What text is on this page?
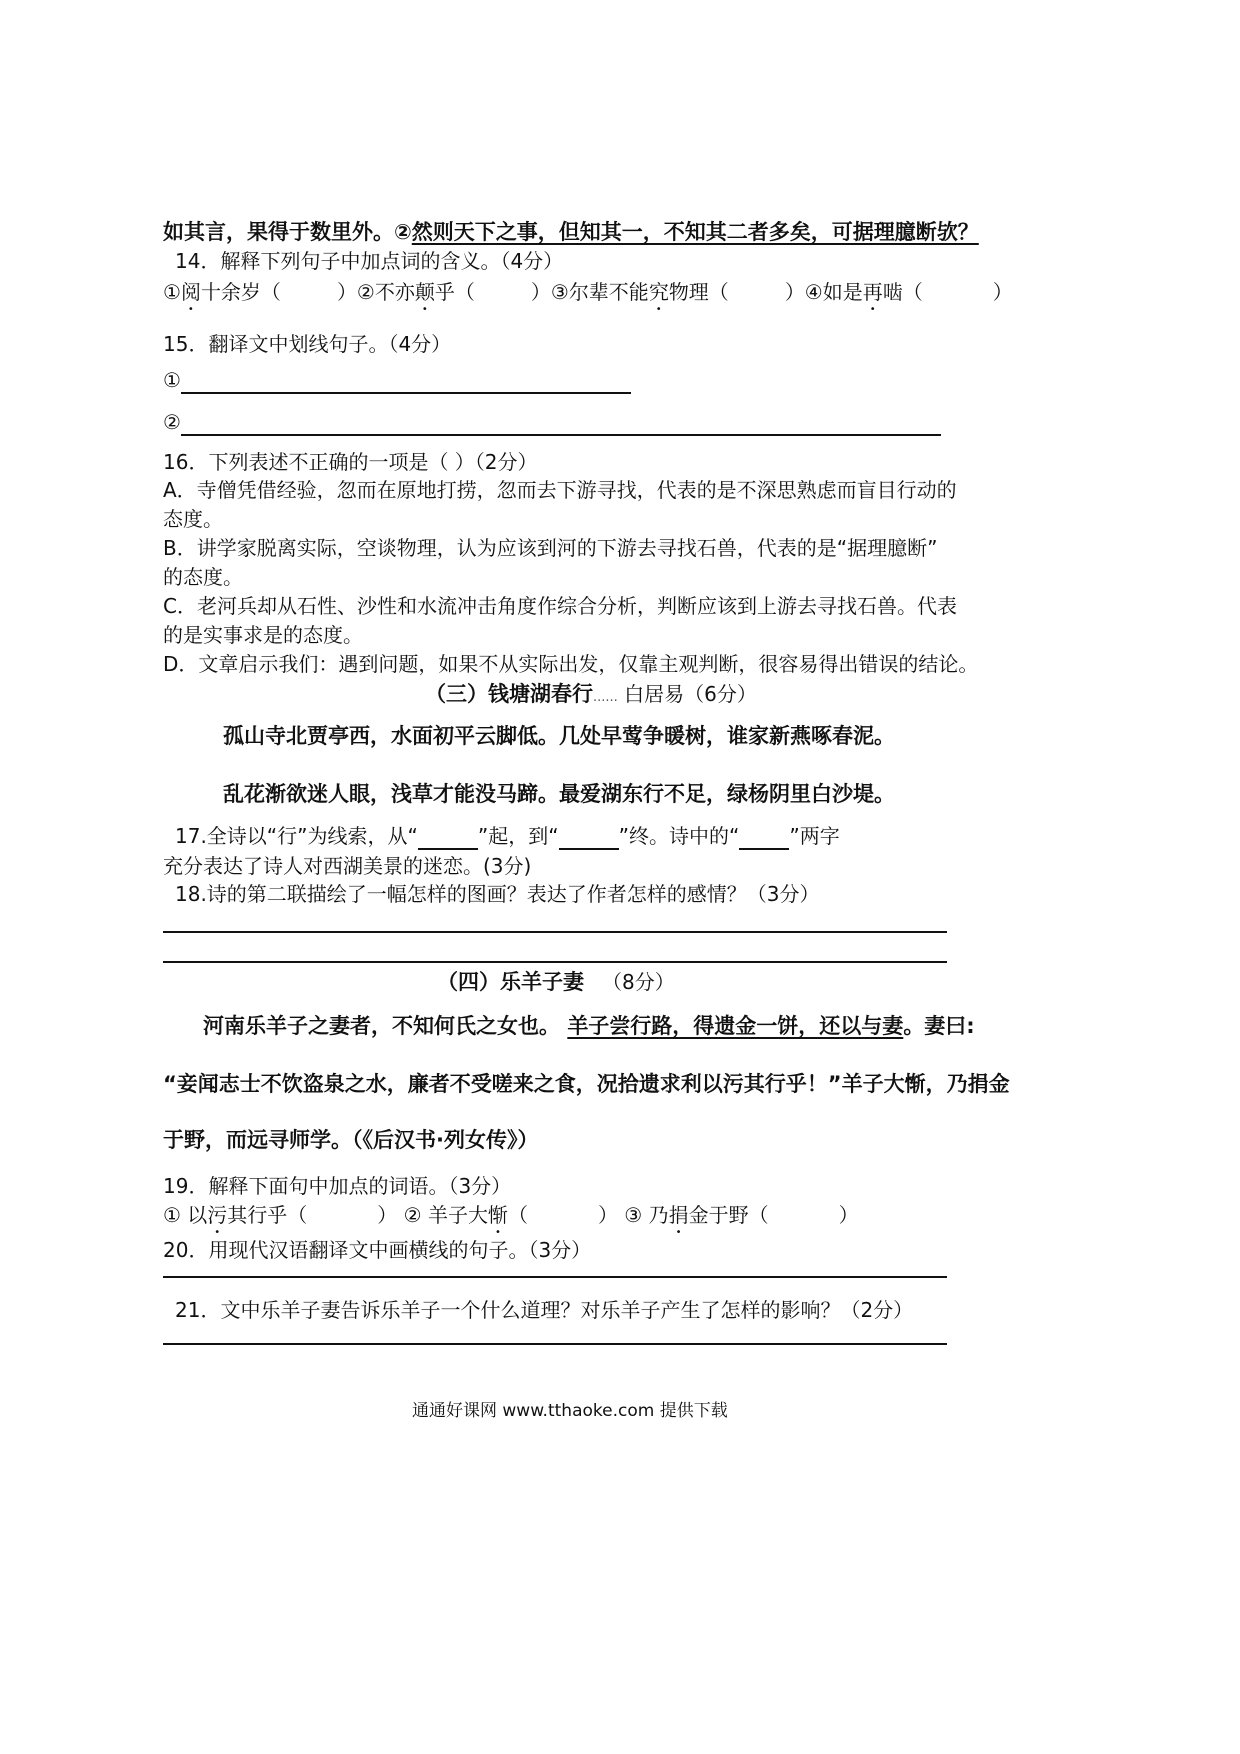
如其言，果得于数里外。②然则天下之事，但知其一，不知其二者多矣，可据理臆断欤？
14．解释下列句子中加点词的含义。（4分）
①阅十余岁（	）②不亦颠乎（	）③尔辈不能究物理（	）④如是再啮（	）
15．翻译文中划线句子。（4分）
①
②
16．下列表述不正确的一项是（ ）（2分）
A．寺僧凭借经验，忽而在原地打捞，忽而去下游寻找，代表的是不深思熟虑而盲目行动的
态度。
B．讲学家脱离实际，空谈物理，认为应该到河的下游去寻找石兽，代表的是“据理臆断”
的态度。
C．老河兵却从石性、沙性和水流冲击角度作综合分析，判断应该到上游去寻找石兽。代表
的是实事求是的态度。
D．文章启示我们：遇到问题，如果不从实际出发，仅靠主观判断，很容易得出错误的结论。
（三）钱塘湖春行...... 白居易（6分）
孤山寺北贾亭西，水面初平云脚低。几处早莺争暖树，谁家新燕啄春泥。
乱花渐欲迷人眼，浅草才能没马蹄。最爱湖东行不足，绿杨阴里白沙堤。
17.全诗以“行”为线索，从“	”起，到“	”终。诗中的“	”两字
充分表达了诗人对西湖美景的迷恋。(3分)
18.诗的第二联描绘了一幅怎样的图画？表达了作者怎样的感情？（3分）
（四）乐羊子妻 （8分）
河南乐羊子之妻者，不知何氏之女也。 羊子尝行路，得遗金一饼，还以与妻。妻曰:
“妾闻志士不饮盗泉之水，廉者不受嗟来之食，况拾遗求利以污其行乎！”羊子大惭，乃捐金
于野，而远寻师学。（《后汉书·列女传》）
19．解释下面句中加点的词语。（3分）
① 以污其行乎（	） ② 羊子大惭（	） ③ 乃捐金于野（	）
20．用现代汉语翻译文中画横线的句子。（3分）
21．文中乐羊子妻告诉乐羊子一个什么道理？对乐羊子产生了怎样的影响？（2分）
通通好课网 www.tthaoke.com 提供下载
